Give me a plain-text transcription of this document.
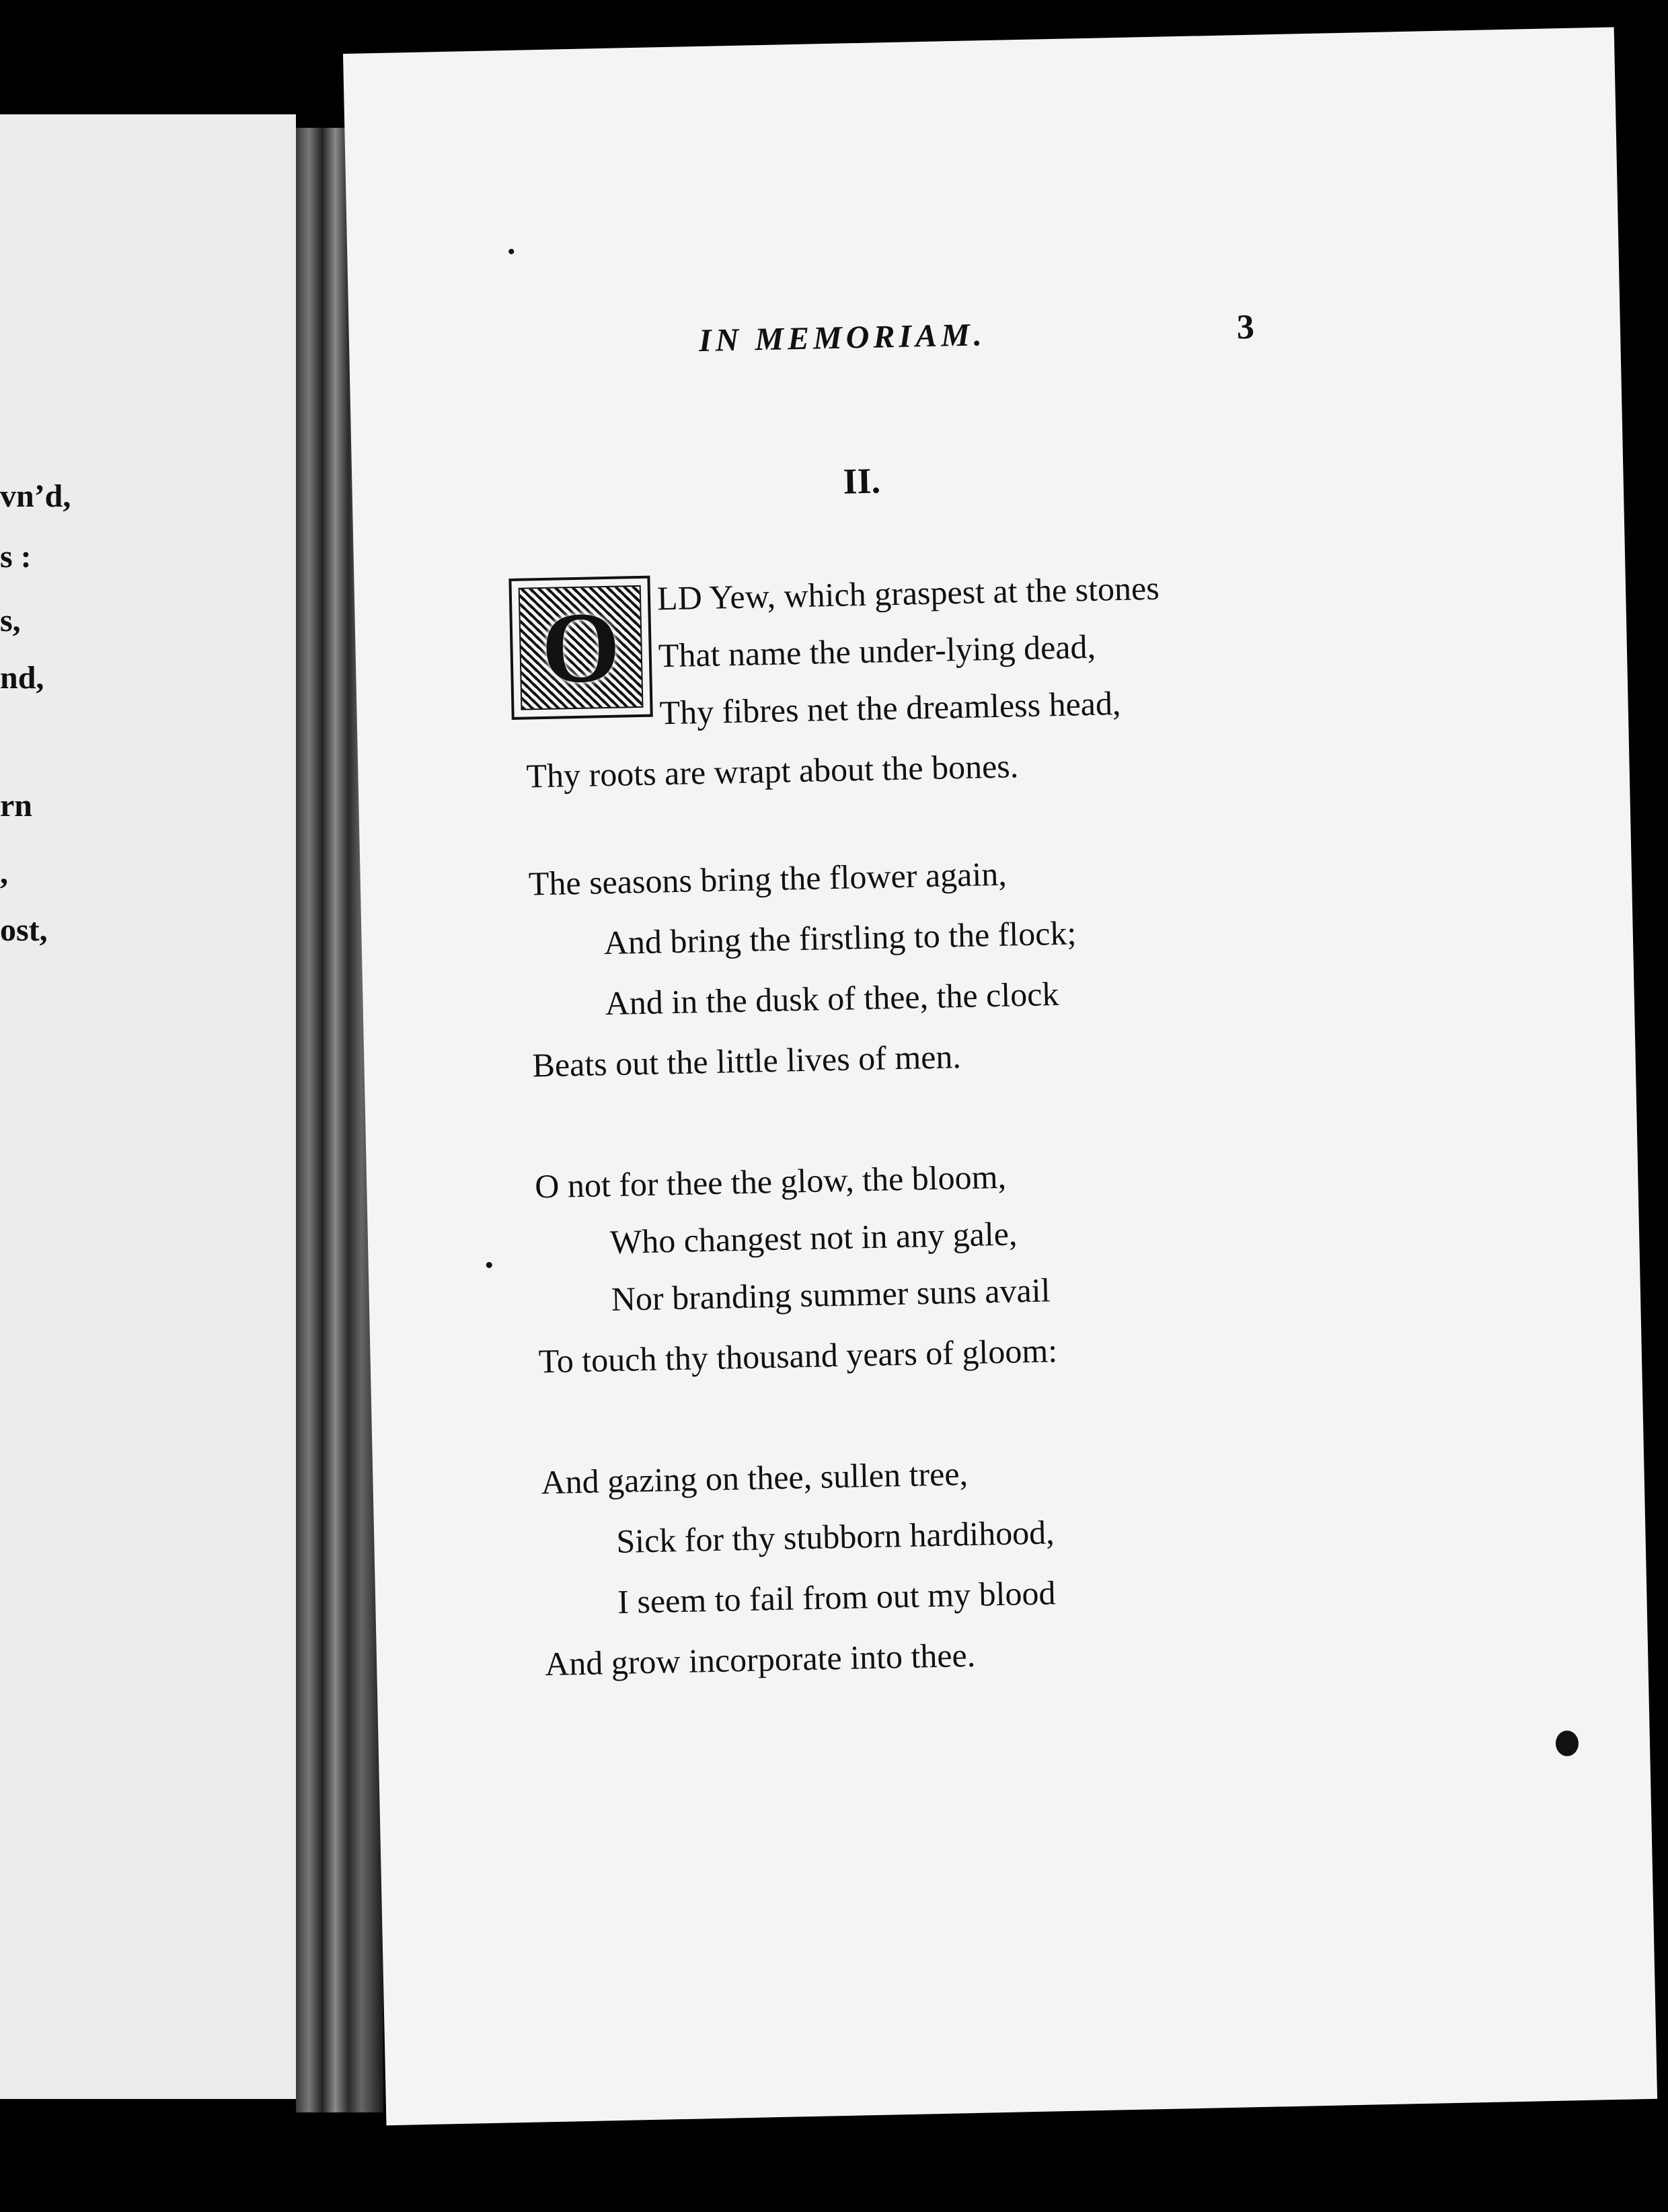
vn’d,
s :
s,
nd,
rn
,
ost,
IN MEMORIAM.	3
II.
O	LD Yew, which graspest at the stones
That name the under-lying dead,
Thy fibres net the dreamless head,
Thy roots are wrapt about the bones.
The seasons bring the flower again,
And bring the firstling to the flock;
And in the dusk of thee, the clock
Beats out the little lives of men.
O not for thee the glow, the bloom,
Who changest not in any gale,
Nor branding summer suns avail
To touch thy thousand years of gloom:
And gazing on thee, sullen tree,
Sick for thy stubborn hardihood,
I seem to fail from out my blood
And grow incorporate into thee.
